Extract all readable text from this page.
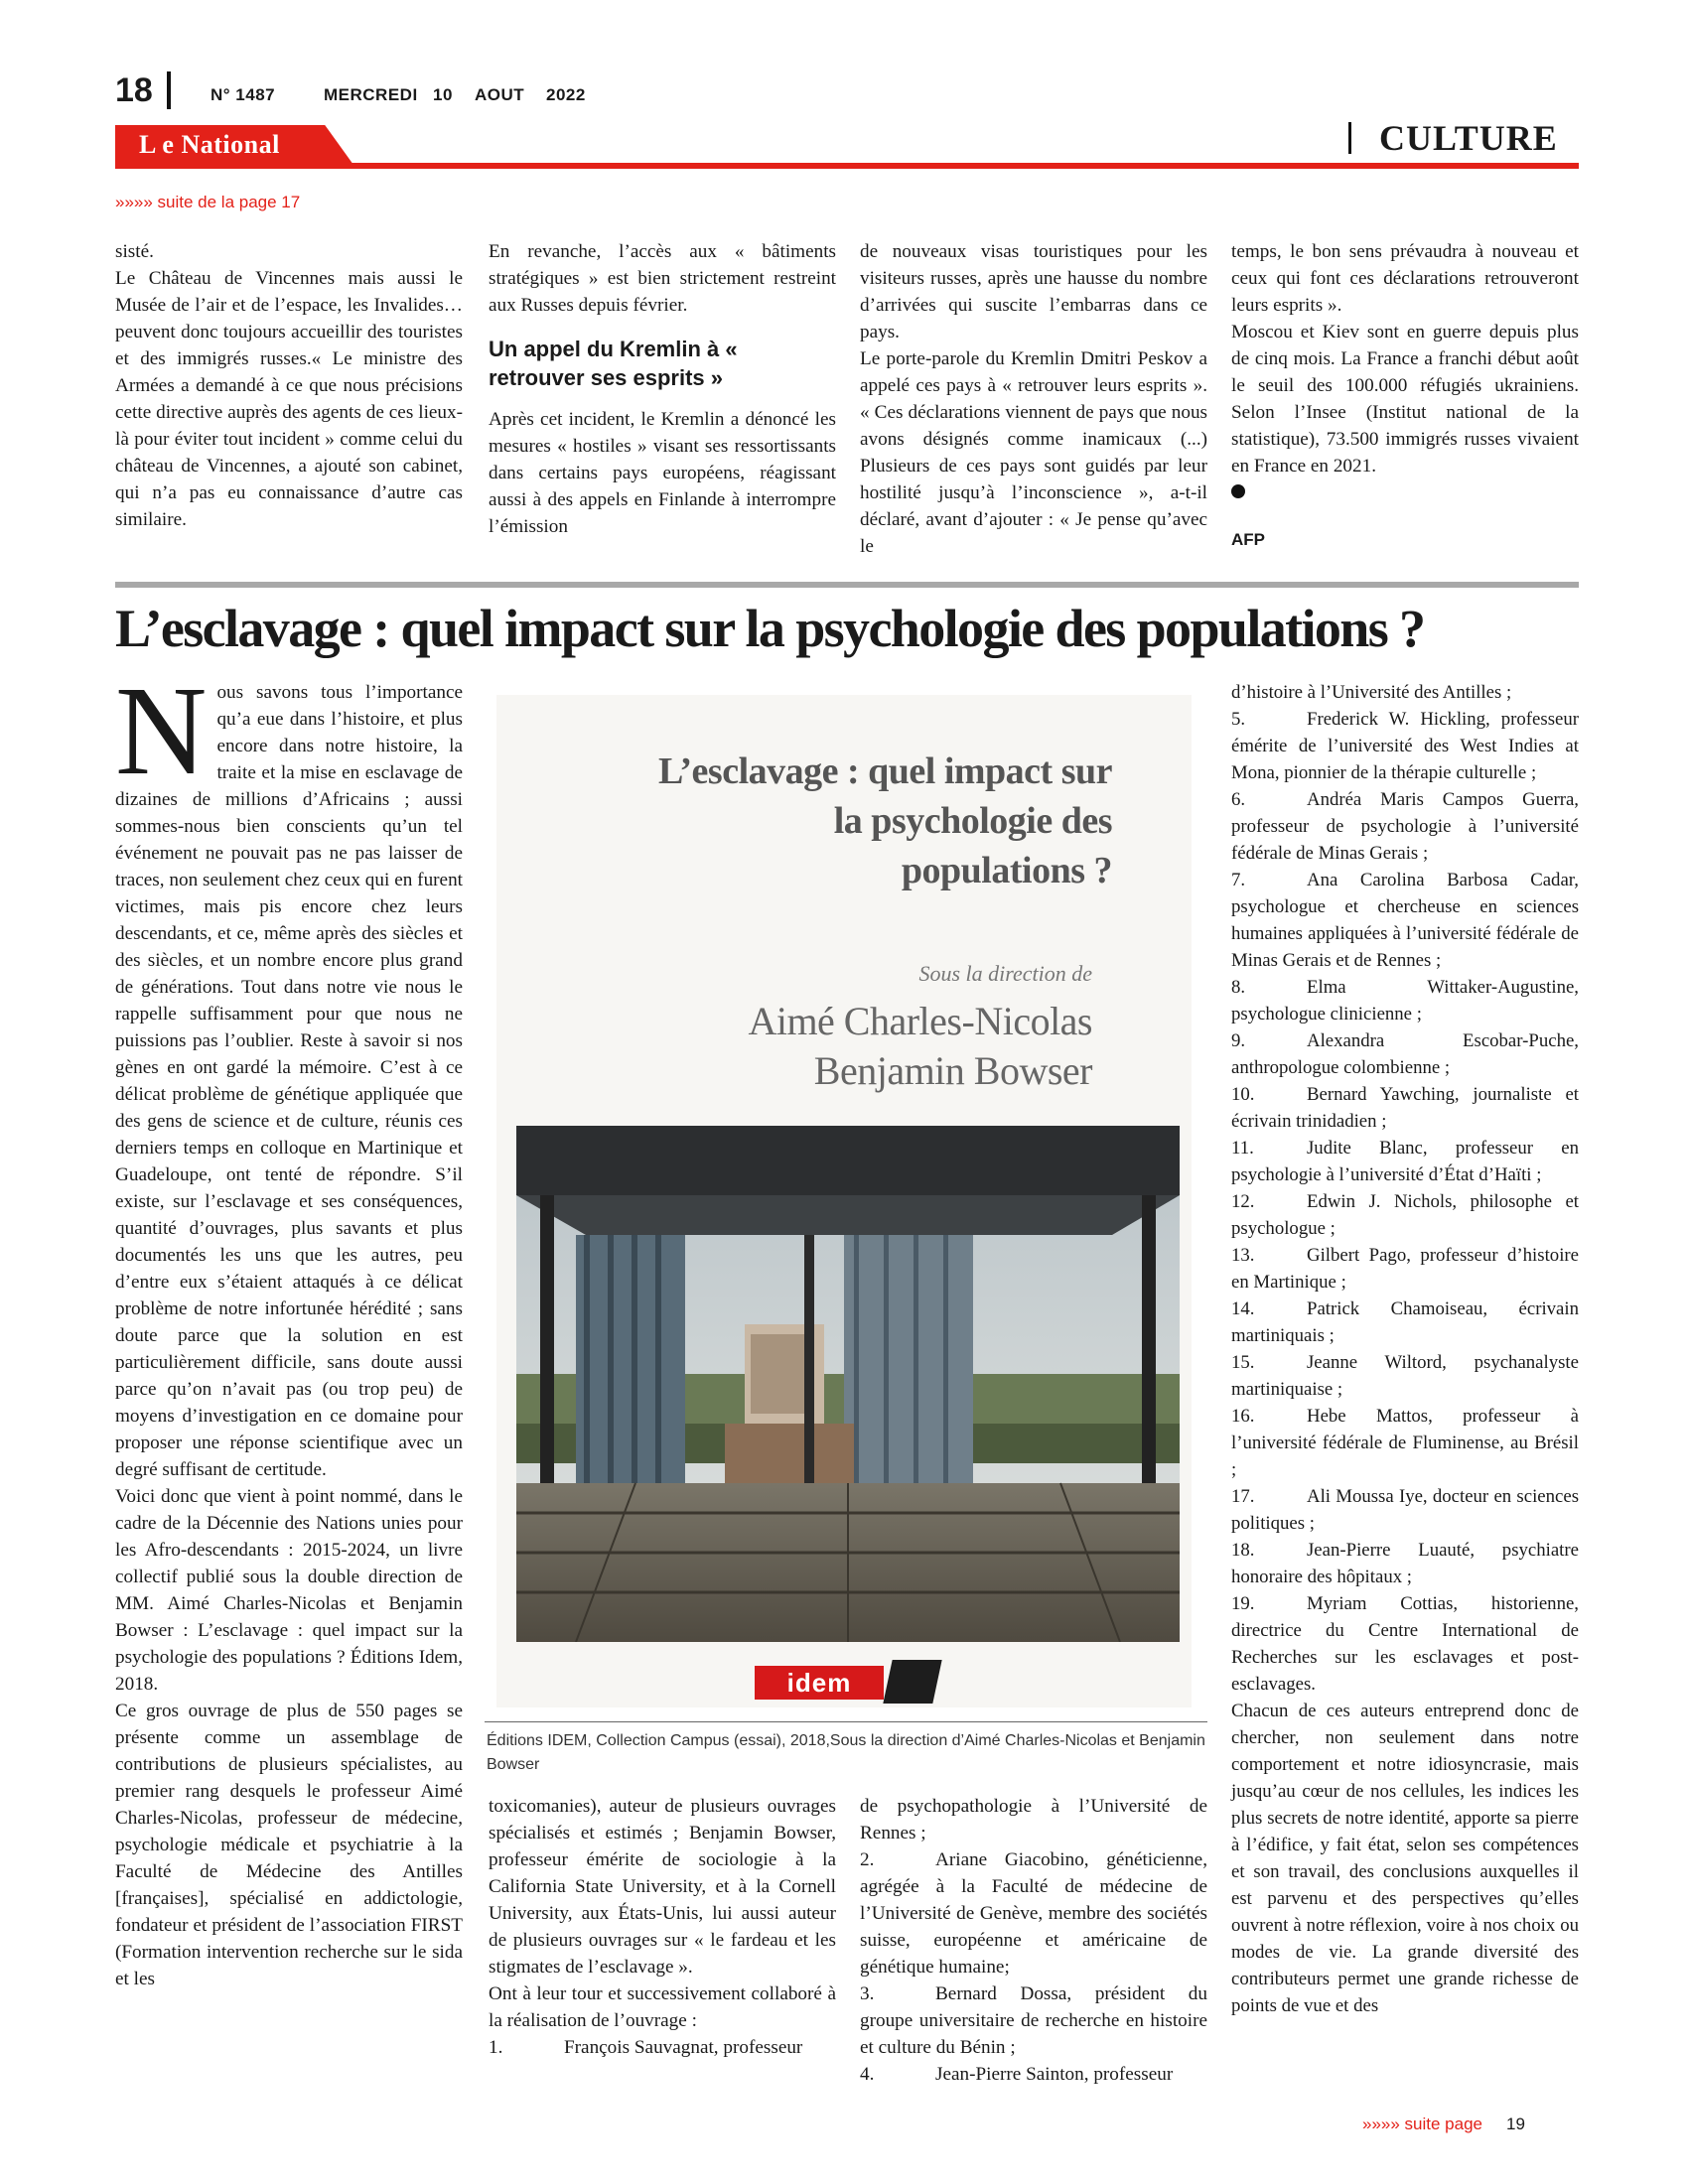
18	N° 1487	MERCREDI 10 AOUT 2022
L e National	CULTURE
»»»» suite de la page 17

sisté.

Le Château de Vincennes mais aussi le Musée de l’air et de l’espace, les Invalides… peuvent donc toujours accueillir des touristes et des immigrés russes.« Le ministre des Armées a demandé à ce que nous précisions cette directive auprès des agents de ces lieux-là pour éviter tout incident » comme celui du château de Vincennes, a ajouté son cabinet, qui n’a pas eu connaissance d’autre cas similaire.

En revanche, l’accès aux « bâtiments stratégiques » est bien strictement restreint aux Russes depuis février.

Un appel du Kremlin à « retrouver ses esprits »

Après cet incident, le Kremlin a dénoncé les mesures « hostiles » visant ses ressortissants dans certains pays européens, réagissant aussi à des appels en Finlande à interrompre l’émission

de nouveaux visas touristiques pour les visiteurs russes, après une hausse du nombre d’arrivées qui suscite l’embarras dans ce pays.

Le porte-parole du Kremlin Dmitri Peskov a appelé ces pays à « retrouver leurs esprits ». « Ces déclarations viennent de pays que nous avons désignés comme inamicaux (...) Plusieurs de ces pays sont guidés par leur hostilité jusqu’à l’inconscience », a-t-il déclaré, avant d’ajouter : « Je pense qu’avec le

temps, le bon sens prévaudra à nouveau et ceux qui font ces déclarations retrouveront leurs esprits ».

Moscou et Kiev sont en guerre depuis plus de cinq mois. La France a franchi début août le seuil des 100.000 réfugiés ukrainiens. Selon l’Insee (Institut national de la statistique), 73.500 immigrés russes vivaient en France en 2021.

AFP
L’esclavage : quel impact sur la psychologie des populations ?

Nous savons tous l’importance qu’a eue dans l’histoire, et plus encore dans notre histoire, la traite et la mise en esclavage de dizaines de millions d’Africains ; aussi sommes-nous bien conscients qu’un tel événement ne pouvait pas ne pas laisser de traces, non seulement chez ceux qui en furent victimes, mais pis encore chez leurs descendants, et ce, même après des siècles et des siècles, et un nombre encore plus grand de générations. Tout dans notre vie nous le rappelle suffisamment pour que nous ne puissions pas l’oublier. Reste à savoir si nos gènes en ont gardé la mémoire. C’est à ce délicat problème de génétique appliquée que des gens de science et de culture, réunis ces derniers temps en colloque en Martinique et Guadeloupe, ont tenté de répondre. S’il existe, sur l’esclavage et ses conséquences, quantité d’ouvrages, plus savants et plus documentés les uns que les autres, peu d’entre eux s’étaient attaqués à ce délicat problème de notre infortunée hérédité ; sans doute parce que la solution en est particulièrement difficile, sans doute aussi parce qu’on n’avait pas (ou trop peu) de moyens d’investigation en ce domaine pour proposer une réponse scientifique avec un degré suffisant de certitude.

Voici donc que vient à point nommé, dans le cadre de la Décennie des Nations unies pour les Afro-descendants : 2015-2024, un livre collectif publié sous la double direction de MM. Aimé Charles-Nicolas et Benjamin Bowser : L’esclavage : quel impact sur la psychologie des populations ? Éditions Idem, 2018.

Ce gros ouvrage de plus de 550 pages se présente comme un assemblage de contributions de plusieurs spécialistes, au premier rang desquels le professeur Aimé Charles-Nicolas, professeur de médecine, psychologie médicale et psychiatrie à la Faculté de Médecine des Antilles [françaises], spécialisé en addictologie, fondateur et président de l’association FIRST (Formation intervention recherche sur le sida et les

L’esclavage : quel impact sur
la psychologie des
populations ?
Sous la direction de
Aimé Charles-Nicolas
Benjamin Bowser
idem
Éditions IDEM, Collection Campus (essai), 2018,Sous la direction d’Aimé Charles-Nicolas et Benjamin Bowser

toxicomanies), auteur de plusieurs ouvrages spécialisés et estimés ; Benjamin Bowser, professeur émérite de sociologie à la California State University, et à la Cornell University, aux États-Unis, lui aussi auteur de plusieurs ouvrages sur « le fardeau et les stigmates de l’esclavage ».

Ont à leur tour et successivement collaboré à la réalisation de l’ouvrage :

1.	François Sauvagnat, professeur

de psychopathologie à l’Université de Rennes ;

2.	Ariane Giacobino, généticienne, agrégée à la Faculté de médecine de l’Université de Genève, membre des sociétés suisse, européenne et américaine de génétique humaine;

3.	Bernard Dossa, président du groupe universitaire de recherche en histoire et culture du Bénin ;

4.	Jean-Pierre Sainton, professeur

d’histoire à l’Université des Antilles ;

5.	Frederick W. Hickling, professeur émérite de l’université des West Indies at Mona, pionnier de la thérapie culturelle ;

6.	Andréa Maris Campos Guerra, professeur de psychologie à l’université fédérale de Minas Gerais ;

7.	Ana Carolina Barbosa Cadar, psychologue et chercheuse en sciences humaines appliquées à l’université fédérale de Minas Gerais et de Rennes ;

8.	Elma Wittaker-Augustine, psychologue clinicienne ;

9.	Alexandra Escobar-Puche, anthropologue colombienne ;

10.	Bernard Yawching, journaliste et écrivain trinidadien ;

11.	Judite Blanc, professeur en psychologie à l’université d’État d’Haïti ;

12.	Edwin J. Nichols, philosophe et psychologue ;

13.	Gilbert Pago, professeur d’histoire en Martinique ;

14.	Patrick Chamoiseau, écrivain martiniquais ;

15.	Jeanne Wiltord, psychanalyste martiniquaise ;

16.	Hebe Mattos, professeur à l’université fédérale de Fluminense, au Brésil ;

17.	Ali Moussa Iye, docteur en sciences politiques ;

18.	Jean-Pierre Luauté, psychiatre honoraire des hôpitaux ;

19.	Myriam Cottias, historienne, directrice du Centre International de Recherches sur les esclavages et post-esclavages.

Chacun de ces auteurs entreprend donc de chercher, non seulement dans notre comportement et notre idiosyncrasie, mais jusqu’au cœur de nos cellules, les indices les plus secrets de notre identité, apporte sa pierre à l’édifice, y fait état, selon ses compétences et son travail, des conclusions auxquelles il est parvenu et des perspectives qu’elles ouvrent à notre réflexion, voire à nos choix ou modes de vie. La grande diversité des contributeurs permet une grande richesse de points de vue et des

»»»» suite page 19
